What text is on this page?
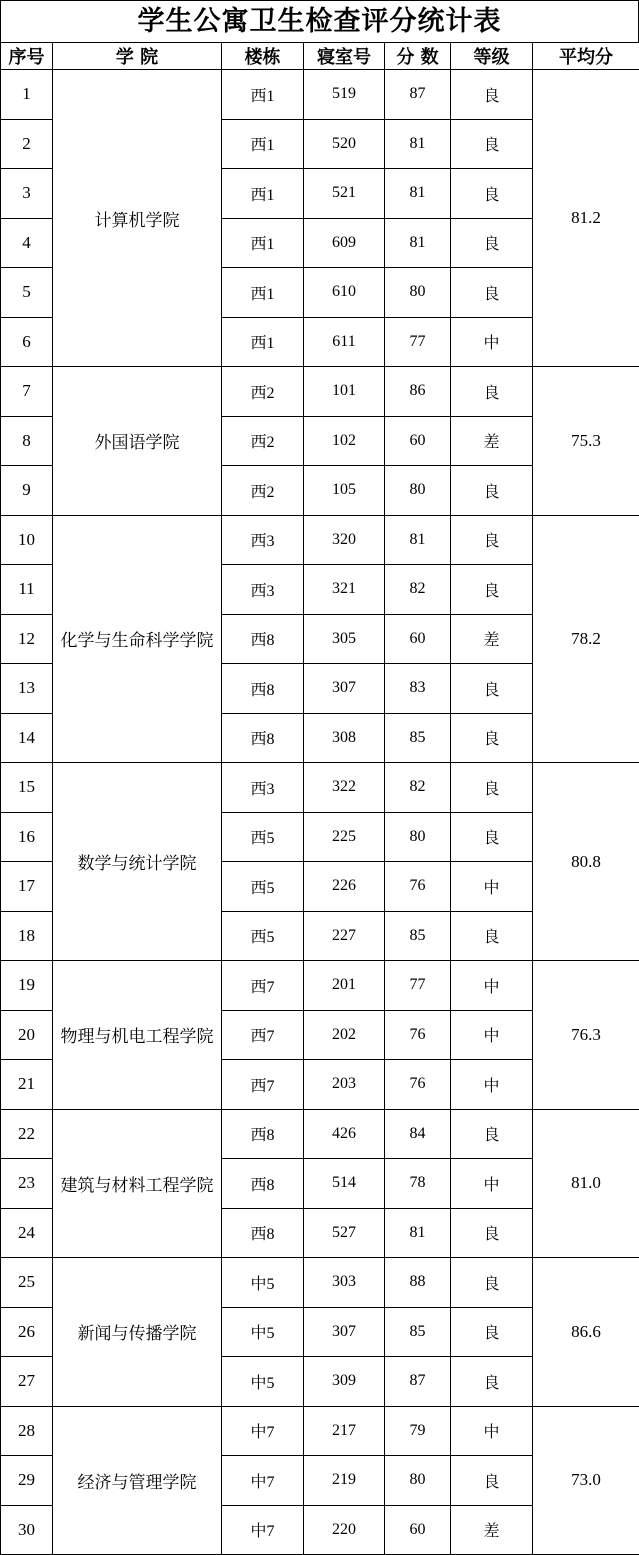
学生公寓卫生检查评分统计表
序号	学 院	楼栋	寝室号	分 数	等级	平均分
1	计算机学院	西1	519	87	良	81.2
2		西1	520	81	良	
3		西1	521	81	良	
4		西1	609	81	良	
5		西1	610	80	良	
6		西1	611	77	中	
7	外国语学院	西2	101	86	良	75.3
8		西2	102	60	差	
9		西2	105	80	良	
10	化学与生命科学学院	西3	320	81	良	78.2
11		西3	321	82	良	
12		西8	305	60	差	
13		西8	307	83	良	
14		西8	308	85	良	
15	数学与统计学院	西3	322	82	良	80.8
16		西5	225	80	良	
17		西5	226	76	中	
18		西5	227	85	良	
19	物理与机电工程学院	西7	201	77	中	76.3
20		西7	202	76	中	
21		西7	203	76	中	
22	建筑与材料工程学院	西8	426	84	良	81.0
23		西8	514	78	中	
24		西8	527	81	良	
25	新闻与传播学院	中5	303	88	良	86.6
26		中5	307	85	良	
27		中5	309	87	良	
28	经济与管理学院	中7	217	79	中	73.0
29		中7	219	80	良	
30		中7	220	60	差	
